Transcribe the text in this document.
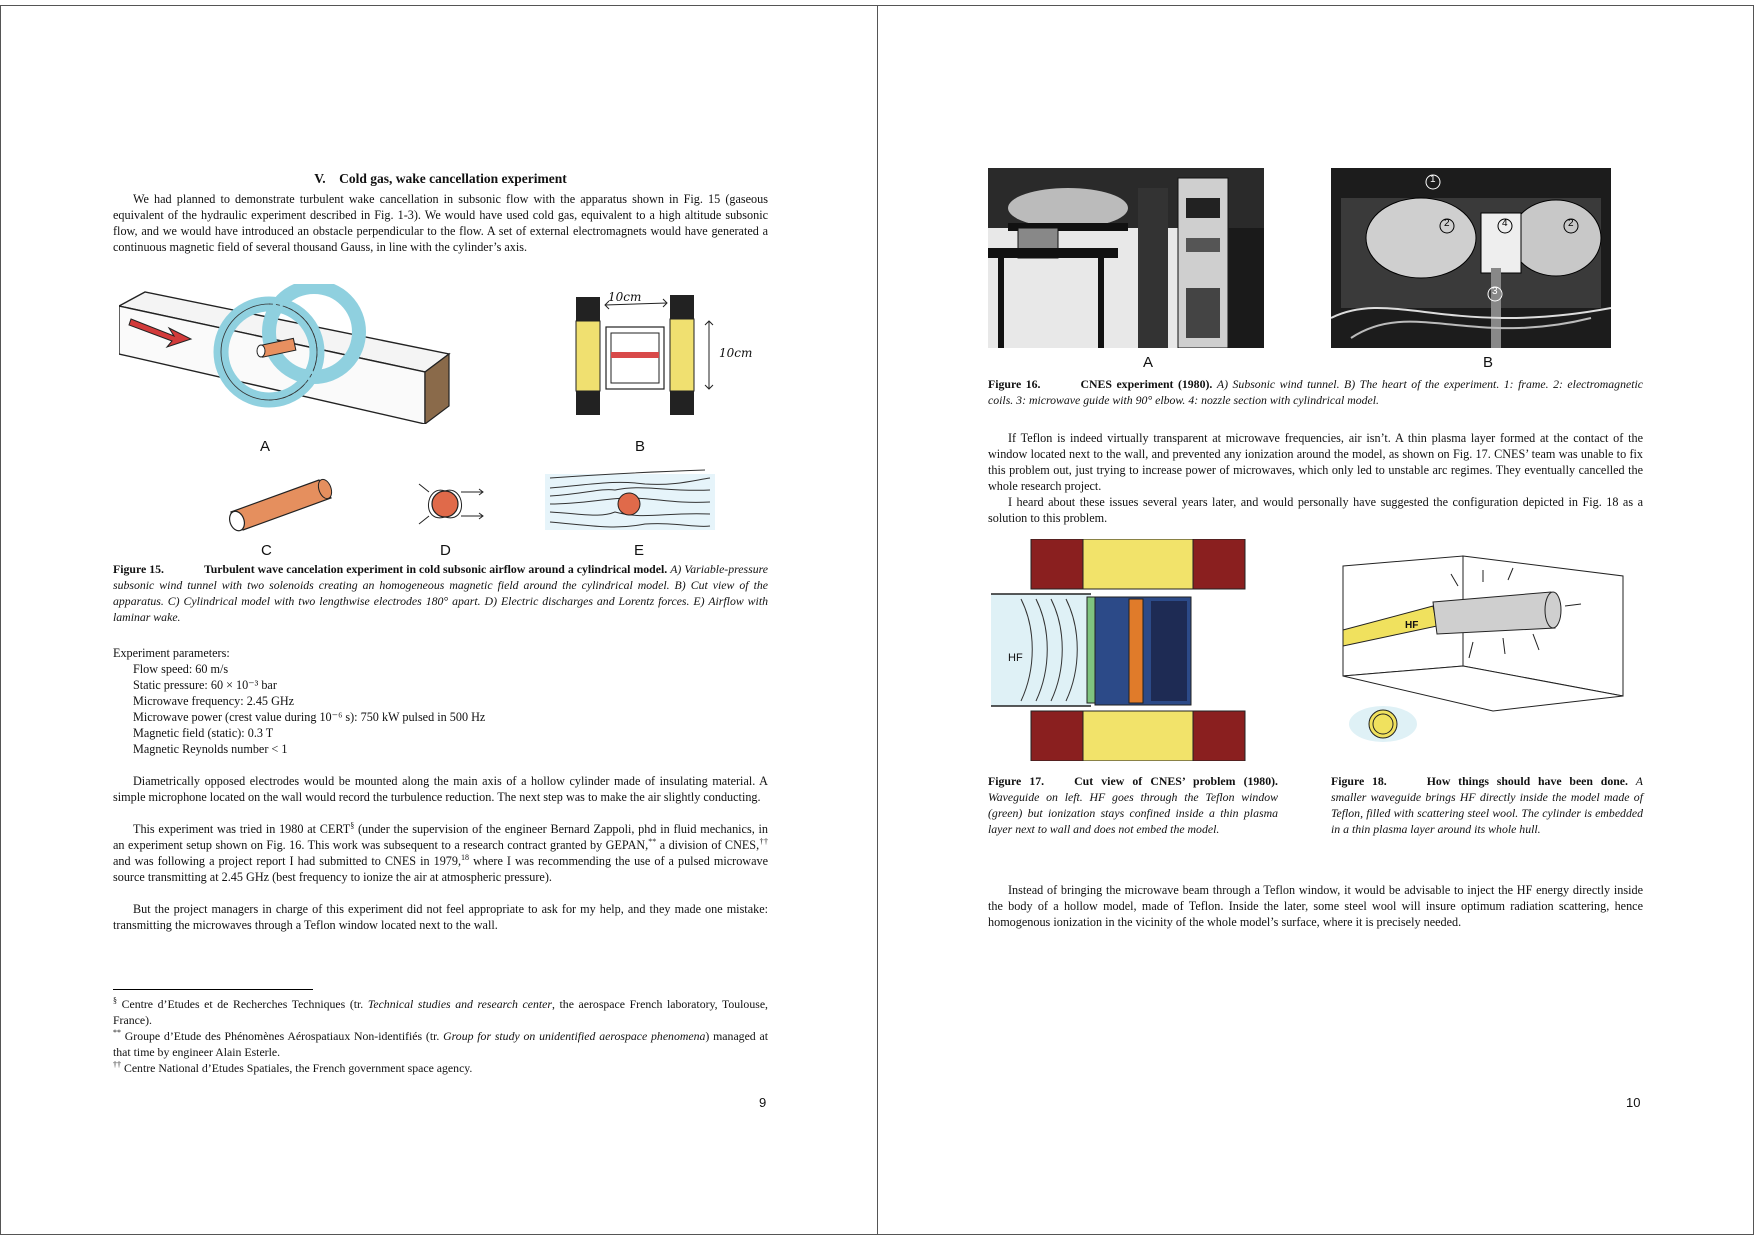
V.    Cold gas, wake cancellation experiment

We had planned to demonstrate turbulent wake cancellation in subsonic flow with the apparatus shown in Fig. 15 (gaseous equivalent of the hydraulic experiment described in Fig. 1-3). We would have used cold gas, equivalent to a high altitude subsonic flow, and we would have introduced an obstacle perpendicular to the flow. A set of external electromagnets would have generated a continuous magnetic field of several thousand Gauss, in line with the cylinder’s axis.

A
10cm
10cm
B
C	D	E

Figure 15.	Turbulent wave cancelation experiment in cold subsonic airflow around a cylindrical model. A) Variable-pressure subsonic wind tunnel with two solenoids creating an homogeneous magnetic field around the cylindrical model. B) Cut view of the apparatus. C) Cylindrical model with two lengthwise electrodes 180° apart. D) Electric discharges and Lorentz forces. E) Airflow with laminar wake.

Experiment parameters:
Flow speed: 60 m/s
Static pressure: 60 × 10⁻³ bar
Microwave frequency: 2.45 GHz
Microwave power (crest value during 10⁻⁶ s): 750 kW pulsed in 500 Hz
Magnetic field (static): 0.3 T
Magnetic Reynolds number < 1

Diametrically opposed electrodes would be mounted along the main axis of a hollow cylinder made of insulating material. A simple microphone located on the wall would record the turbulence reduction. The next step was to make the air slightly conducting.

This experiment was tried in 1980 at CERT§ (under the supervision of the engineer Bernard Zappoli, phd in fluid mechanics, in an experiment setup shown on Fig. 16. This work was subsequent to a research contract granted by GEPAN,** a division of CNES,†† and was following a project report I had submitted to CNES in 1979,18 where I was recommending the use of a pulsed microwave source transmitting at 2.45 GHz (best frequency to ionize the air at atmospheric pressure).

But the project managers in charge of this experiment did not feel appropriate to ask for my help, and they made one mistake: transmitting the microwaves through a Teflon window located next to the wall.

§ Centre d’Etudes et de Recherches Techniques (tr. Technical studies and research center, the aerospace French laboratory, Toulouse, France).
** Groupe d’Etude des Phénomènes Aérospatiaux Non-identifiés (tr. Group for study on unidentified aerospace phenomena) managed at that time by engineer Alain Esterle.
†† Centre National d’Etudes Spatiales, the French government space agency.
9
A
1
2	4	2
3
B

Figure 16.	CNES experiment (1980). A) Subsonic wind tunnel. B) The heart of the experiment. 1: frame. 2: electromagnetic coils. 3: microwave guide with 90° elbow. 4: nozzle section with cylindrical model.

If Teflon is indeed virtually transparent at microwave frequencies, air isn’t. A thin plasma layer formed at the contact of the window located next to the wall, and prevented any ionization around the model, as shown on Fig. 17. CNES’ team was unable to fix this problem out, just trying to increase power of microwaves, which only led to unstable arc regimes. They eventually cancelled the whole research project.

I heard about these issues several years later, and would personally have suggested the configuration depicted in Fig. 18 as a solution to this problem.

HF
HF

Figure 17.	Cut view of CNES’ problem (1980). Waveguide on left. HF goes through the Teflon window (green) but ionization stays confined inside a thin plasma layer next to wall and does not embed the model.

Figure 18.	How things should have been done. A smaller waveguide brings HF directly inside the model made of Teflon, filled with scattering steel wool. The cylinder is embedded in a thin plasma layer around its whole hull.

Instead of bringing the microwave beam through a Teflon window, it would be advisable to inject the HF energy directly inside the body of a hollow model, made of Teflon. Inside the later, some steel wool will insure optimum radiation scattering, hence homogenous ionization in the vicinity of the whole model’s surface, where it is precisely needed.

10
